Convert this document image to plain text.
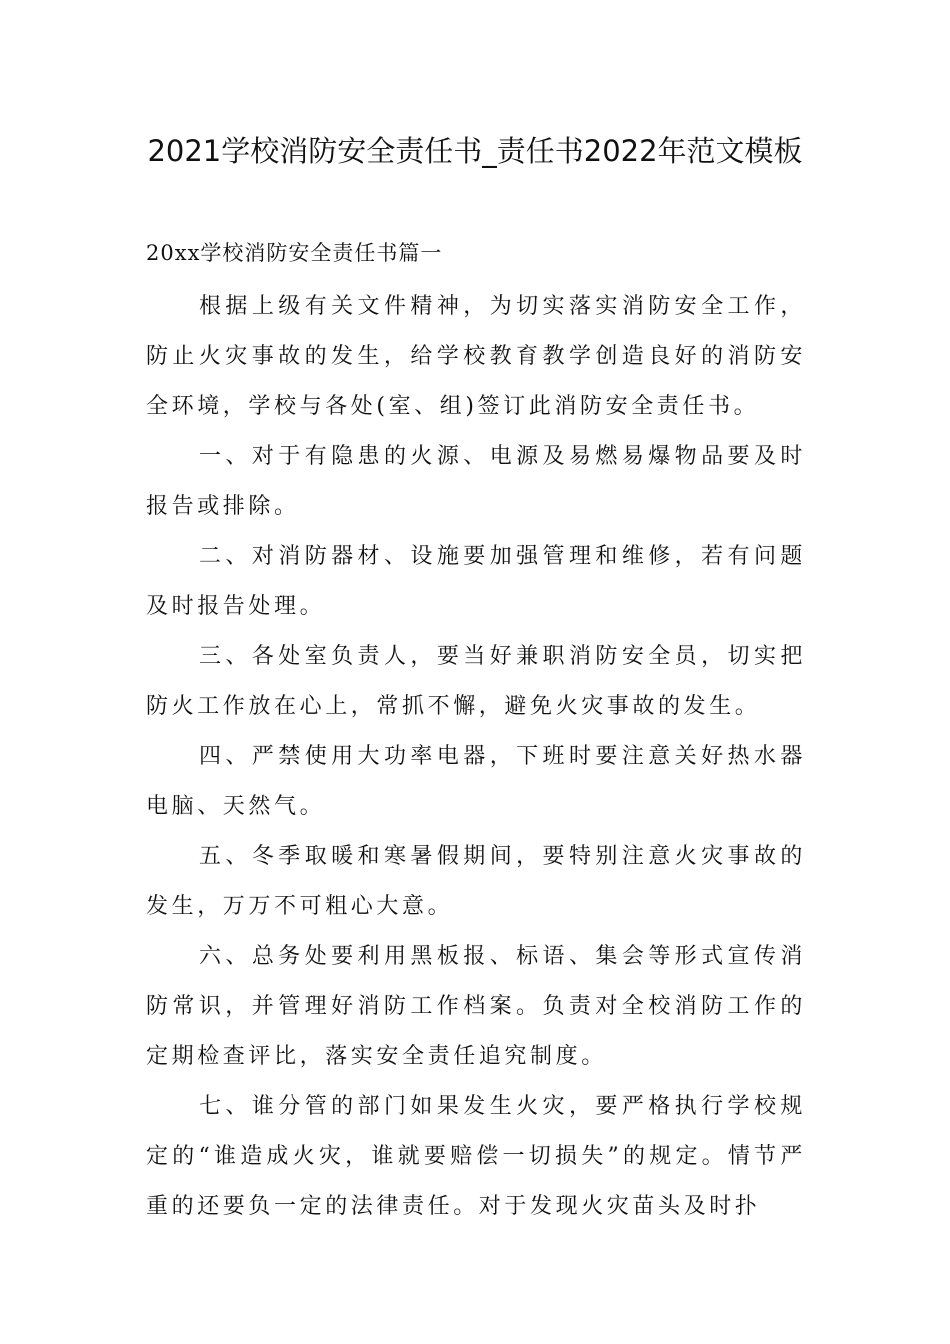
2021学校消防安全责任书_责任书2022年范文模板

20xx学校消防安全责任书篇一

根据上级有关文件精神，为切实落实消防安全工作，防止火灾事故的发生，给学校教育教学创造良好的消防安全环境，学校与各处(室、组)签订此消防安全责任书。

一、对于有隐患的火源、电源及易燃易爆物品要及时报告或排除。

二、对消防器材、设施要加强管理和维修，若有问题及时报告处理。

三、各处室负责人，要当好兼职消防安全员，切实把防火工作放在心上，常抓不懈，避免火灾事故的发生。

四、严禁使用大功率电器，下班时要注意关好热水器电脑、天然气。

五、冬季取暖和寒暑假期间，要特别注意火灾事故的发生，万万不可粗心大意。

六、总务处要利用黑板报、标语、集会等形式宣传消防常识，并管理好消防工作档案。负责对全校消防工作的定期检查评比，落实安全责任追究制度。

七、谁分管的部门如果发生火灾，要严格执行学校规定的“谁造成火灾，谁就要赔偿一切损失”的规定。情节严重的还要负一定的法律责任。对于发现火灾苗头及时扑
